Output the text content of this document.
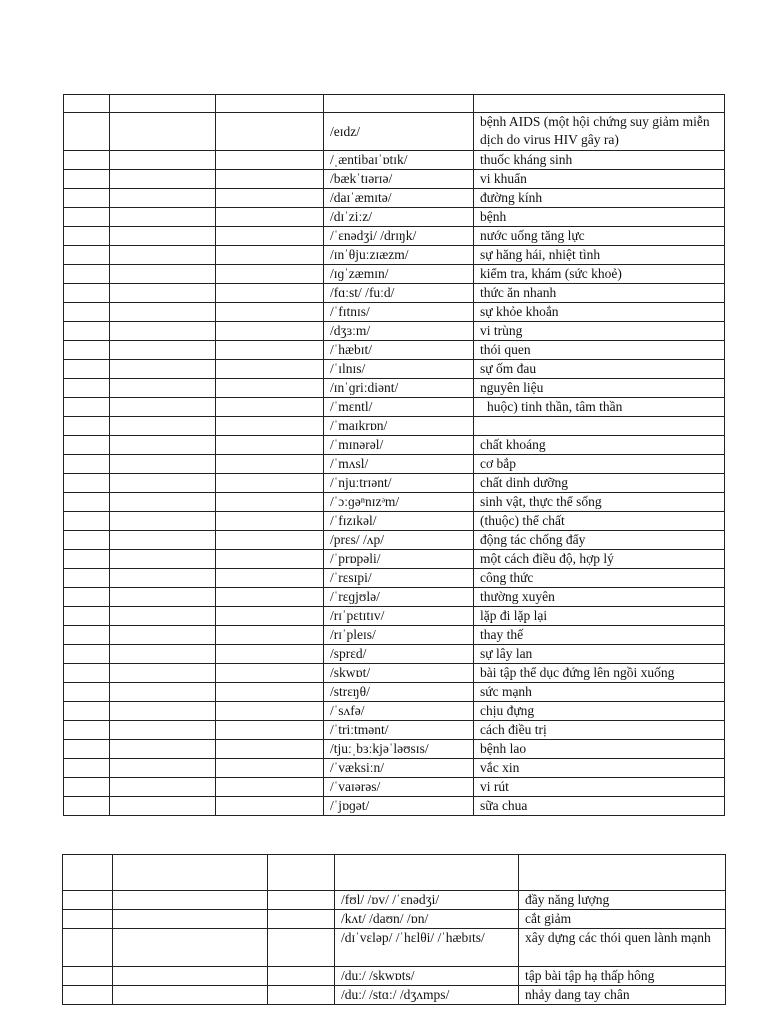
			/eɪdz/	bệnh AIDS (một hội chứng suy giảm miễn dịch do virus HIV gây ra)
			/ˌæntibaɪˈɒtɪk/	thuốc kháng sinh
			/bækˈtɪərɪə/	vi khuẩn
			/daɪˈæmɪtə/	đường kính
			/dɪˈziːz/	bệnh
			/ˈɛnədʒi/ /drɪŋk/	nước uống tăng lực
			/ɪnˈθjuːzɪæzm/	sự hăng hái, nhiệt tình
			/ɪɡˈzæmɪn/	kiểm tra, khám (sức khoẻ)
			/fɑːst/ /fuːd/	thức ăn nhanh
			/ˈfɪtnɪs/	sự khỏe khoắn
			/dʒɜːm/	vi trùng
			/ˈhæbɪt/	thói quen
			/ˈɪlnɪs/	sự ốm đau
			/ɪnˈɡriːdiənt/	nguyên liệu
			/ˈmɛntl/	huộc) tinh thần, tâm thần
			/ˈmaɪkrɒn/	
			/ˈmɪnərəl/	chất khoáng
			/ˈmʌsl/	cơ bắp
			/ˈnjuːtrɪənt/	chất dinh dưỡng
			/ˈɔːɡəⁿnɪzᵊm/	sinh vật, thực thể sống
			/ˈfɪzɪkəl/	(thuộc) thể chất
			/prɛs/ /ʌp/	động tác chống đẩy
			/ˈprɒpəli/	một cách điều độ, hợp lý
			/ˈrɛsɪpi/	công thức
			/ˈrɛɡjʊlə/	thường xuyên
			/rɪˈpɛtɪtɪv/	lặp đi lặp lại
			/rɪˈpleɪs/	thay thế
			/sprɛd/	sự lây lan
			/skwɒt/	bài tập thể dục đứng lên ngồi xuống
			/strɛŋθ/	sức mạnh
			/ˈsʌfə/	chịu đựng
			/ˈtriːtmənt/	cách điều trị
			/tjuːˌbɜːkjəˈləʊsɪs/	bệnh lao
			/ˈvæksiːn/	vắc xin
			/ˈvaɪərəs/	vi rút
			/ˈjɒɡət/	sữa chua

			/fʊl/ /ɒv/ /ˈɛnədʒi/	đầy năng lượng
			/kʌt/ /daʊn/ /ɒn/	cắt giảm
			/dɪˈvɛləp/ /ˈhɛlθi/ /ˈhæbɪts/	xây dựng các thói quen lành mạnh
			/duː/ /skwɒts/	tập bài tập hạ thấp hông
			/duː/ /stɑː/ /dʒʌmps/	nhảy dang tay chân
